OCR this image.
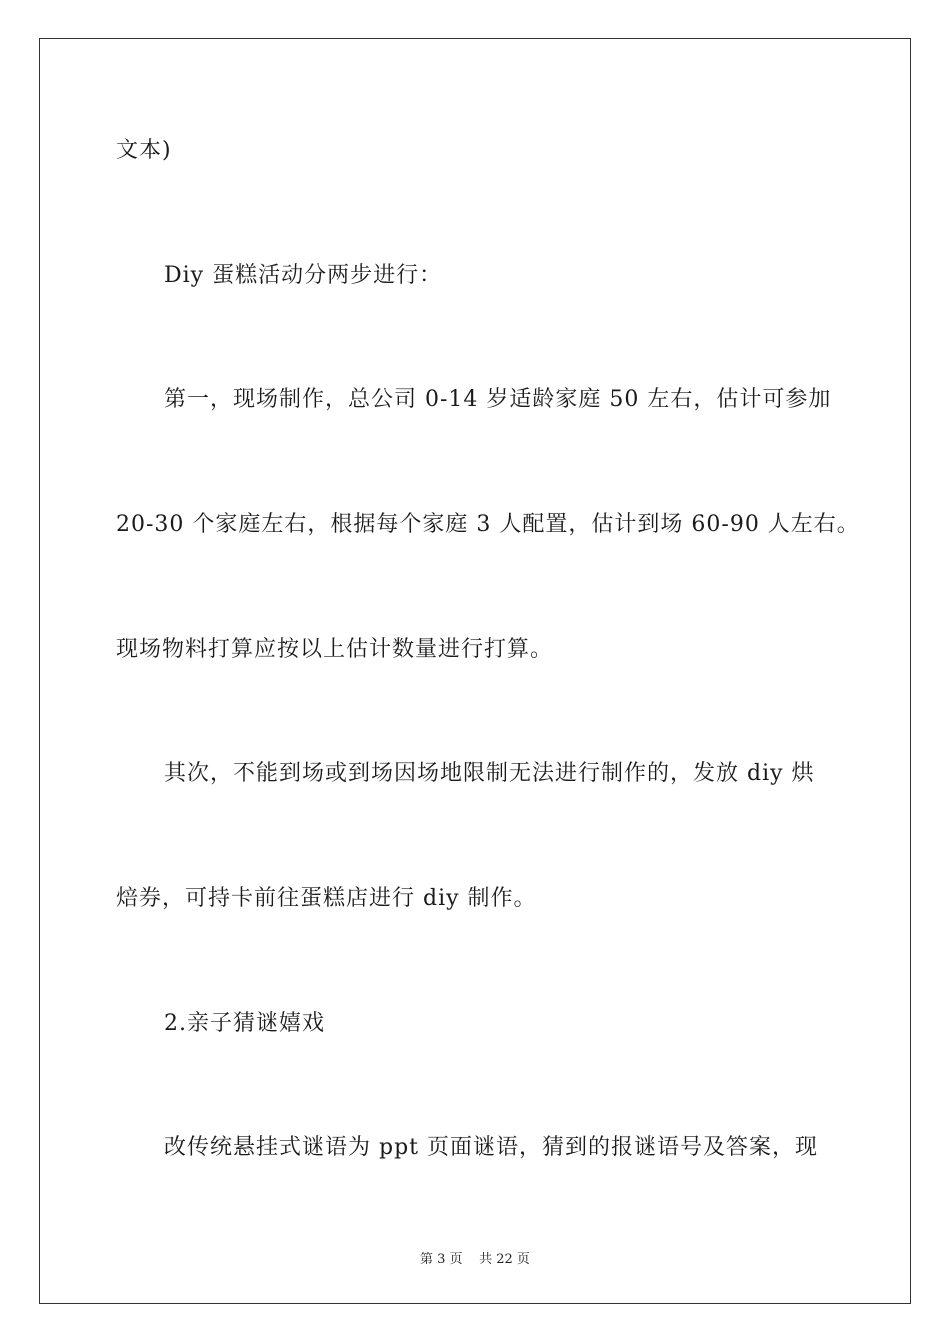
文本)
Diy 蛋糕活动分两步进行：
第一，现场制作，总公司 0-14 岁适龄家庭 50 左右，估计可参加
20-30 个家庭左右，根据每个家庭 3 人配置，估计到场 60-90 人左右。
现场物料打算应按以上估计数量进行打算。
其次，不能到场或到场因场地限制无法进行制作的，发放 diy 烘
焙券，可持卡前往蛋糕店进行 diy 制作。
2.亲子猜谜嬉戏
改传统悬挂式谜语为 ppt 页面谜语，猜到的报谜语号及答案，现
第 3 页 共 22 页
